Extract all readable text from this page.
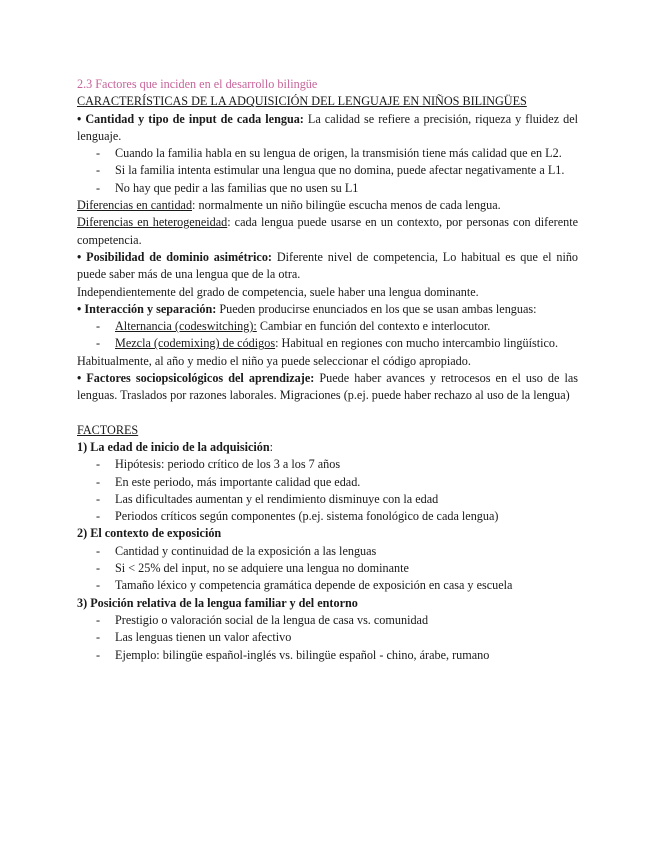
2.3 Factores que inciden en el desarrollo bilingüe

CARACTERÍSTICAS DE LA ADQUISICIÓN DEL LENGUAJE EN NIÑOS BILINGÜES

• Cantidad y tipo de input de cada lengua: La calidad se refiere a precisión, riqueza y fluidez del lenguaje.

- Cuando la familia habla en su lengua de origen, la transmisión tiene más calidad que en L2.
- Si la familia intenta estimular una lengua que no domina, puede afectar negativamente a L1.
- No hay que pedir a las familias que no usen su L1

Diferencias en cantidad: normalmente un niño bilingüe escucha menos de cada lengua.

Diferencias en heterogeneidad: cada lengua puede usarse en un contexto, por personas con diferente competencia.

• Posibilidad de dominio asimétrico: Diferente nivel de competencia, Lo habitual es que el niño puede saber más de una lengua que de la otra.

Independientemente del grado de competencia, suele haber una lengua dominante.

• Interacción y separación: Pueden producirse enunciados en los que se usan ambas lenguas:

- Alternancia (codeswitching): Cambiar en función del contexto e interlocutor.
- Mezcla (codemixing) de códigos: Habitual en regiones con mucho intercambio lingüístico.

Habitualmente, al año y medio el niño ya puede seleccionar el código apropiado.

• Factores sociopsicológicos del aprendizaje: Puede haber avances y retrocesos en el uso de las lenguas. Traslados por razones laborales. Migraciones (p.ej. puede haber rechazo al uso de la lengua)

FACTORES

1) La edad de inicio de la adquisición:

- Hipótesis: periodo crítico de los 3 a los 7 años
- En este periodo, más importante calidad que edad.
- Las dificultades aumentan y el rendimiento disminuye con la edad
- Periodos críticos según componentes (p.ej. sistema fonológico de cada lengua)

2) El contexto de exposición

- Cantidad y continuidad de la exposición a las lenguas
- Si < 25% del input, no se adquiere una lengua no dominante
- Tamaño léxico y competencia gramática depende de exposición en casa y escuela

3) Posición relativa de la lengua familiar y del entorno

- Prestigio o valoración social de la lengua de casa vs. comunidad
- Las lenguas tienen un valor afectivo
- Ejemplo: bilingüe español-inglés vs. bilingüe español - chino, árabe, rumano
